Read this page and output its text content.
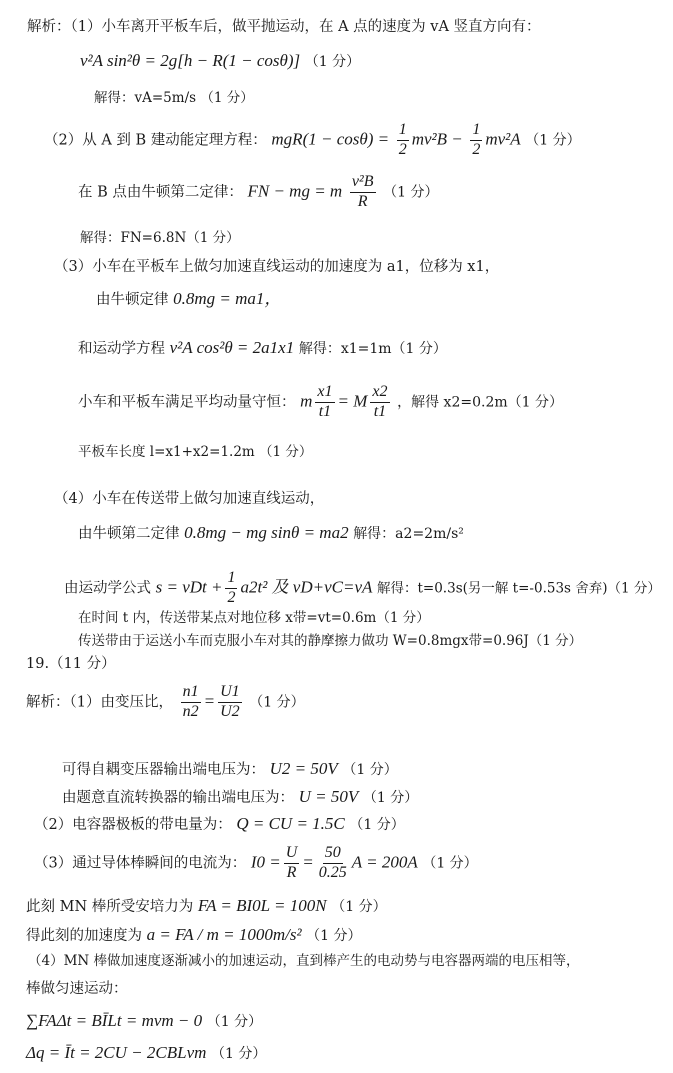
解析：（1）小车离开平板车后，做平抛运动，在 A 点的速度为 vA 竖直方向有：
v²A sin²θ = 2g[h − R(1 − cosθ)] （1 分）
解得：vA=5m/s （1 分）
（2）从 A 到 B 建动能定理方程： $mgR(1 - \cos\theta) = \frac{1}{2} mv^2B - \frac{1}{2} mv^2A$ （1 分）
在 B 点由牛顿第二定律： FN − mg = m $\frac{\text{v²B}}{R} (1$ 分）
解得：FN=6.8N（1 分）
（3）小车在平板车上做匀加速直线运动的加速度为 a1，位移为 x1，
由牛顿定律 0.8mg = ma1，
和运动学方程 v²A cos²θ = 2a1x1 解得：x1=1m（1 分）
小车和平板车满足平均动量守恒： m $\frac{x1}{t1} = M \frac{x2}{t1}$ ，解得 x2=0.2m（1 分）
平板车长度 l=x1+x2=1.2m （1 分）
（4）小车在传送带上做匀加速直线运动，
由牛顿第二定律 0.8mg − mg sinθ = ma2 解得：a2=2m/s²
由运动学公式 s = vDt + $\frac{1}{2} a2t^2$ 及 vD+vC=vA 解得：t=0.3s(另一解 t=-0.53s 舍弃)（1 分）
在时间 t 内，传送带某点对地位移 x带=vt=0.6m（1 分）
传送带由于运送小车而克服小车对其的静摩擦力做功 W=0.8mgx带=0.96J（1 分）
19.（11 分）
解析：（1）由变压比， $\frac{n1}{n2} = \frac{U1}{U2} (1$ 分）
可得自耦变压器输出端电压为： U2 = 50V （1 分）
由题意直流转换器的输出端电压为： U = 50V （1 分）
（2）电容器极板的带电量为： Q = CU = 1.5C （1 分）
（3）通过导体棒瞬间的电流为： $I0 = \frac{U}{R} = \frac{50}{0.25}$ A = 200A （1 分）
此刻 MN 棒所受安培力为 FA = BI0L = 100N （1 分）
得此刻的加速度为 a = FA / m = 1000m/s² （1 分）
（4）MN 棒做加速度逐渐减小的加速运动，直到棒产生的电动势与电容器两端的电压相等，
棒做匀速运动：
∑FAΔt = BĪLt = mvm − 0 （1 分）
Δq = Īt = 2CU − 2CBLvm （1 分）
